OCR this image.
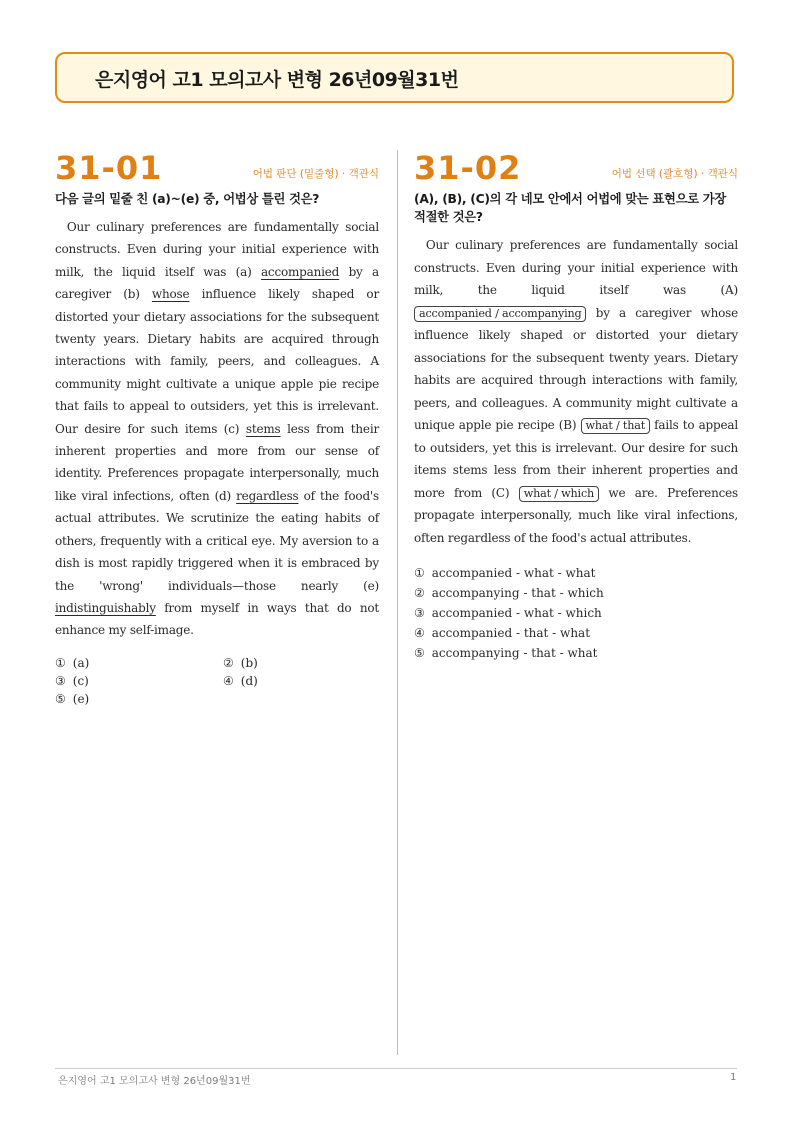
은지영어 고1 모의고사 변형 26년09월31번
31-01	어법 판단 (밑줄형) · 객관식
다음 글의 밑줄 친 (a)~(e) 중, 어법상 틀린 것은?
 Our culinary preferences are fundamentally social constructs. Even during your initial experience with milk, the liquid itself was (a) accompanied by a caregiver (b) whose influence likely shaped or distorted your dietary associations for the subsequent twenty years. Dietary habits are acquired through interactions with family, peers, and colleagues. A community might cultivate a unique apple pie recipe that fails to appeal to outsiders, yet this is irrelevant. Our desire for such items (c) stems less from their inherent properties and more from our sense of identity. Preferences propagate interpersonally, much like viral infections, often (d) regardless of the food's actual attributes. We scrutinize the eating habits of others, frequently with a critical eye. My aversion to a dish is most rapidly triggered when it is embraced by the 'wrong' individuals—those nearly (e) indistinguishably from myself in ways that do not enhance my self-image.
① (a)	② (b)
③ (c)	④ (d)
⑤ (e)
31-02	어법 선택 (괄호형) · 객관식
(A), (B), (C)의 각 네모 안에서 어법에 맞는 표현으로 가장 적절한 것은?
 Our culinary preferences are fundamentally social constructs. Even during your initial experience with milk, the liquid itself was (A) accompanied / accompanying by a caregiver whose influence likely shaped or distorted your dietary associations for the subsequent twenty years. Dietary habits are acquired through interactions with family, peers, and colleagues. A community might cultivate a unique apple pie recipe (B) what / that fails to appeal to outsiders, yet this is irrelevant. Our desire for such items stems less from their inherent properties and more from (C) what / which we are. Preferences propagate interpersonally, much like viral infections, often regardless of the food's actual attributes.
① accompanied - what - what
② accompanying - that - which
③ accompanied - what - which
④ accompanied - that - what
⑤ accompanying - that - what
은지영어 고1 모의고사 변형 26년09월31번	1
